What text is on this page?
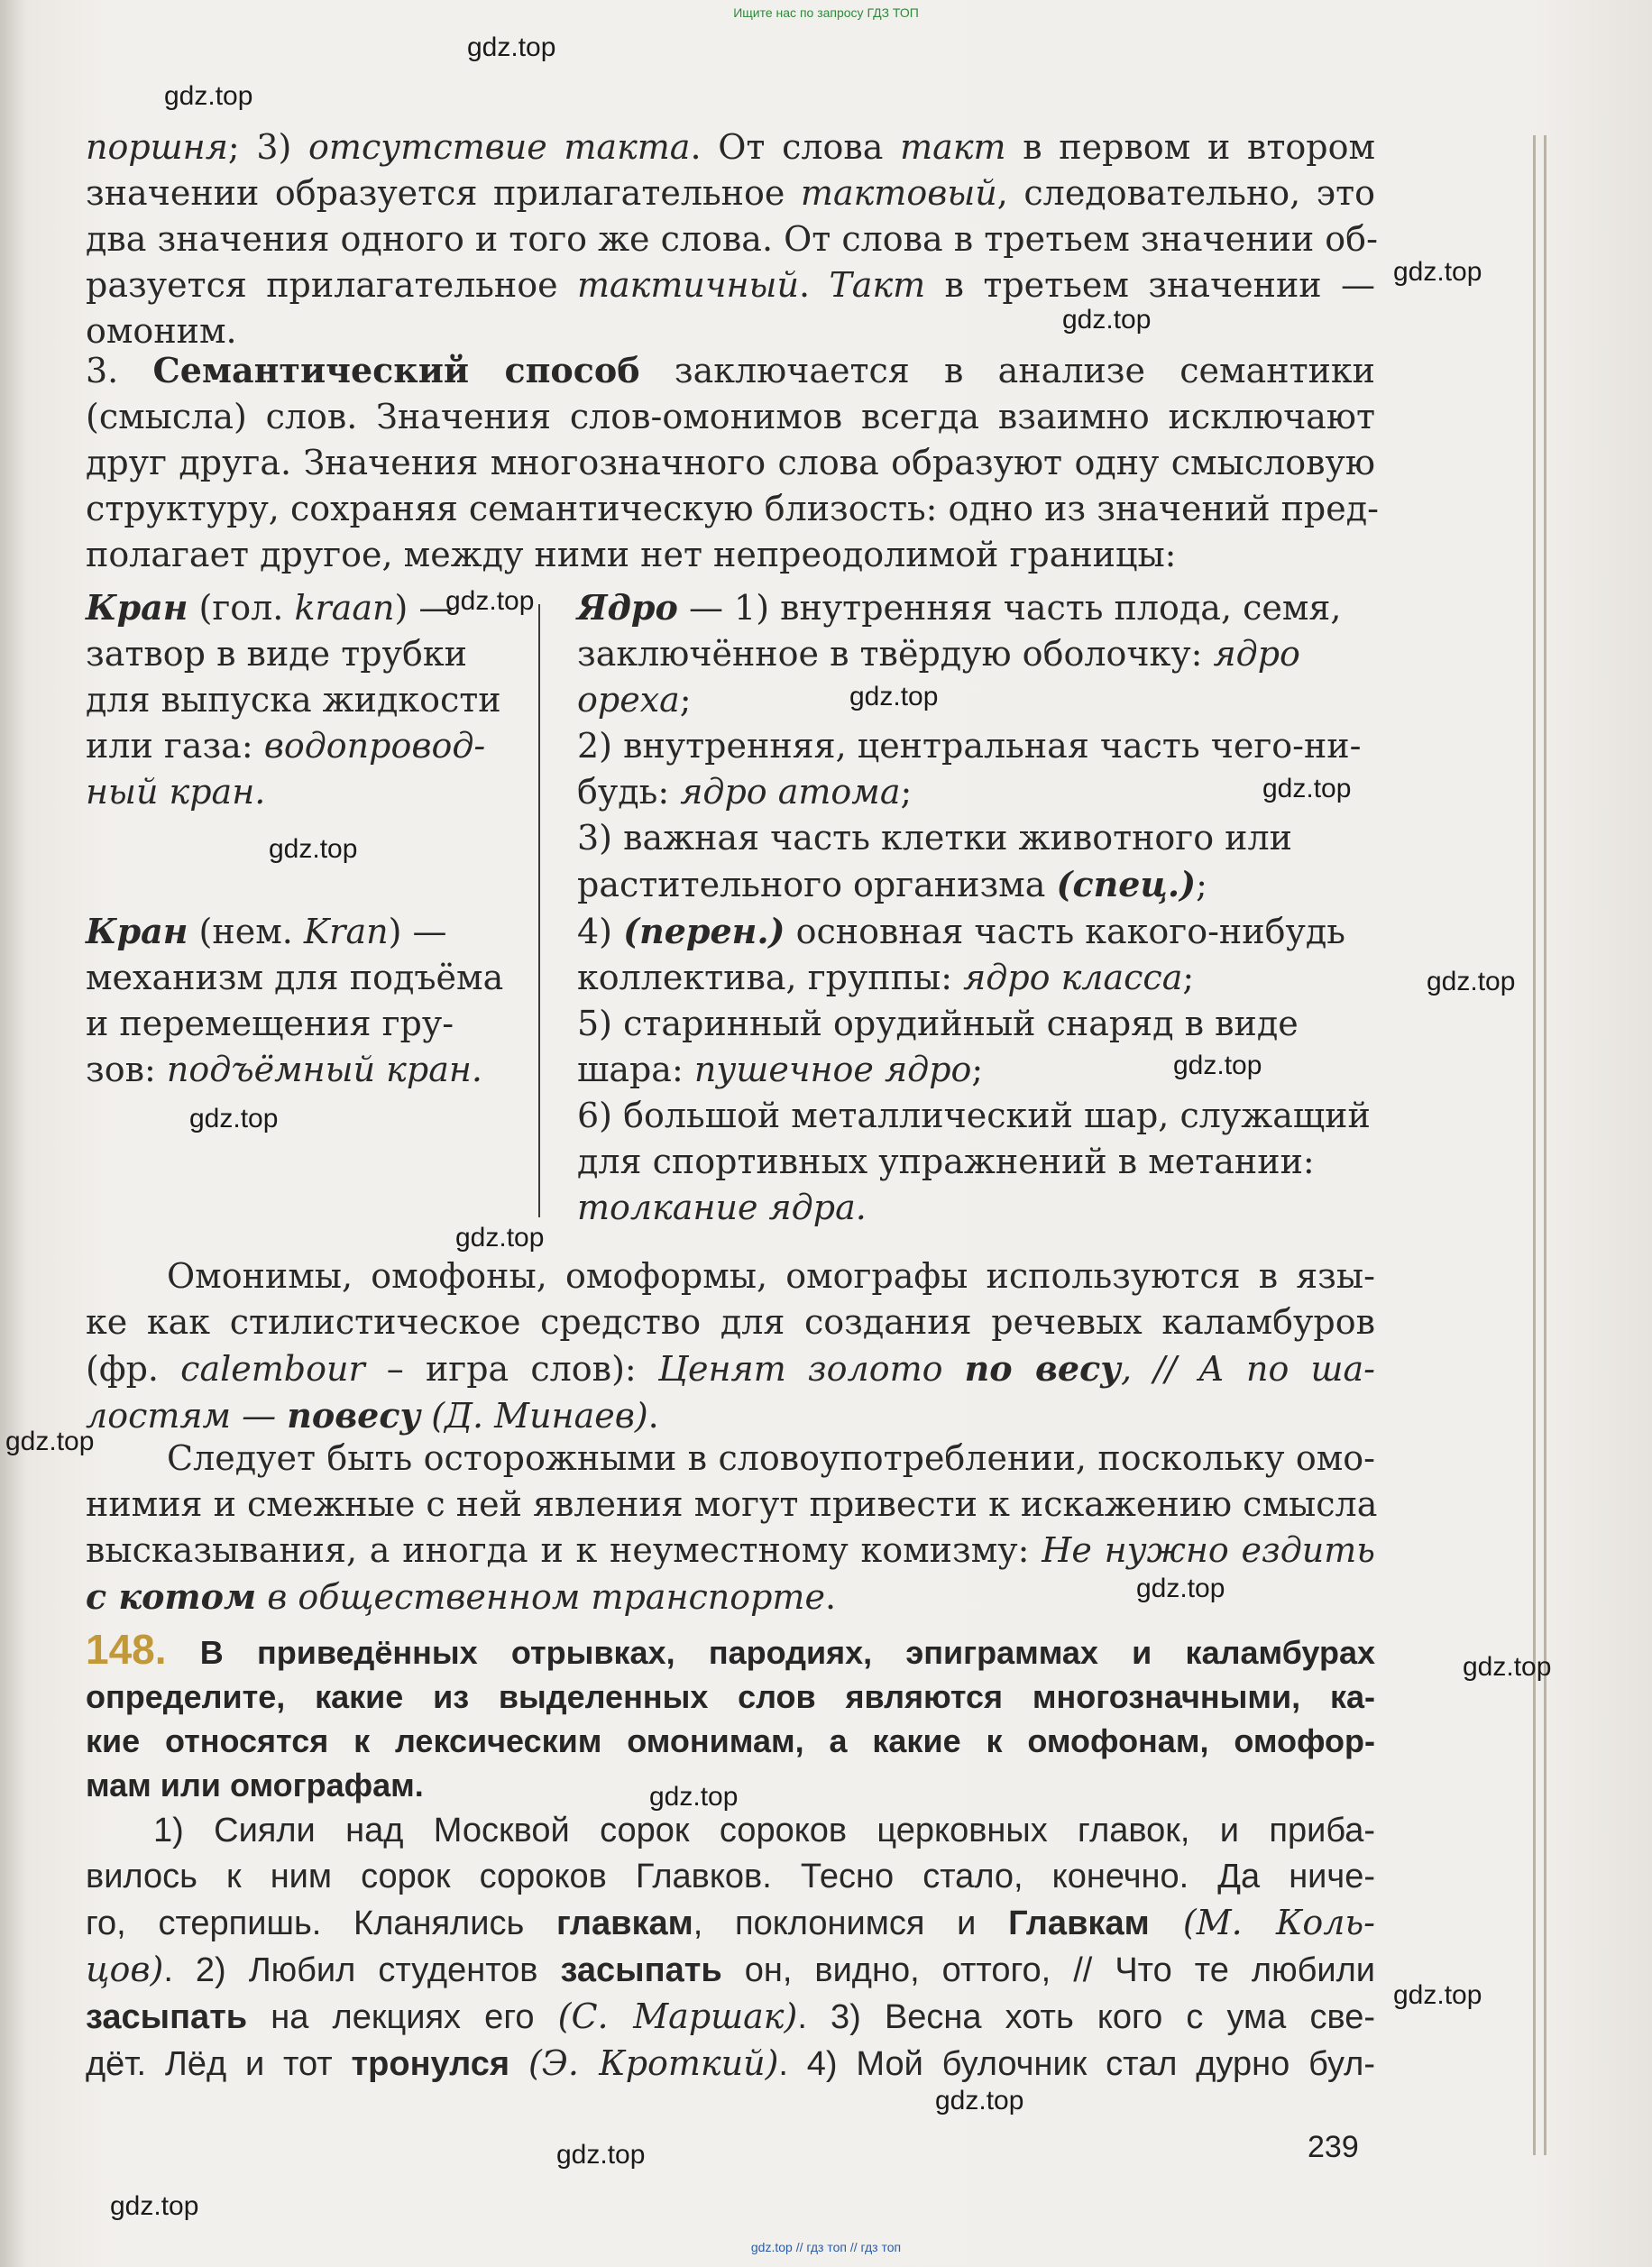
Ищите нас по запросу ГДЗ ТОП
gdz.top
gdz.top
gdz.top
gdz.top
gdz.top
gdz.top
gdz.top
gdz.top
gdz.top
gdz.top
gdz.top
gdz.top
gdz.top
gdz.top
gdz.top
gdz.top
gdz.top
gdz.top
gdz.top
gdz.top
поршня; 3) отсутствие такта. От слова такт в первом и втором
значении образуется прилагательное тактовый, следовательно, это
два значения одного и того же слова. От слова в третьем значении об-
разуется прилагательное тактичный. Такт в третьем значении —
омоним.
3. Семантический способ заключается в анализе семантики
(смысла) слов. Значения слов-омонимов всегда взаимно исключают
друг друга. Значения многозначного слова образуют одну смысловую
структуру, сохраняя семантическую близость: одно из значений пред-
полагает другое, между ними нет непреодолимой границы:
Кран (гол. kraan) —
затвор в виде трубки
для выпуска жидкости
или газа: водопровод-
ный кран.
Кран (нем. Kran) —
механизм для подъёма
и перемещения гру-
зов: подъёмный кран.
Ядро — 1) внутренняя часть плода, семя,
заключённое в твёрдую оболочку: ядро
ореха;
2) внутренняя, центральная часть чего-ни-
будь: ядро атома;
3) важная часть клетки животного или
растительного организма (спец.);
4) (перен.) основная часть какого-нибудь
коллектива, группы: ядро класса;
5) старинный орудийный снаряд в виде
шара: пушечное ядро;
6) большой металлический шар, служащий
для спортивных упражнений в метании:
толкание ядра.
Омонимы, омофоны, омоформы, омографы используются в язы-
ке как стилистическое средство для создания речевых каламбуров
(фр. calembour – игра слов): Ценят золото по весу, // А по ша-
лостям — повесу (Д. Минаев).
Следует быть осторожными в словоупотреблении, поскольку омо-
нимия и смежные с ней явления могут привести к искажению смысла
высказывания, а иногда и к неуместному комизму: Не нужно ездить
с котом в общественном транспорте.
148. В приведённых отрывках, пародиях, эпиграммах и каламбурах
определите, какие из выделенных слов являются многозначными, ка-
кие относятся к лексическим омонимам, а какие к омофонам, омофор-
мам или омографам.
1) Сияли над Москвой сорок сороков церковных главок, и приба-
вилось к ним сорок сороков Главков. Тесно стало, конечно. Да ниче-
го, стерпишь. Кланялись главкам, поклонимся и Главкам (М. Коль-
цов). 2) Любил студентов засыпать он, видно, оттого, // Что те любили
засыпать на лекциях его (С. Маршак). 3) Весна хоть кого с ума све-
дёт. Лёд и тот тронулся (Э. Кроткий). 4) Мой булочник стал дурно бул-
239
gdz.top // гдз топ // гдз топ
